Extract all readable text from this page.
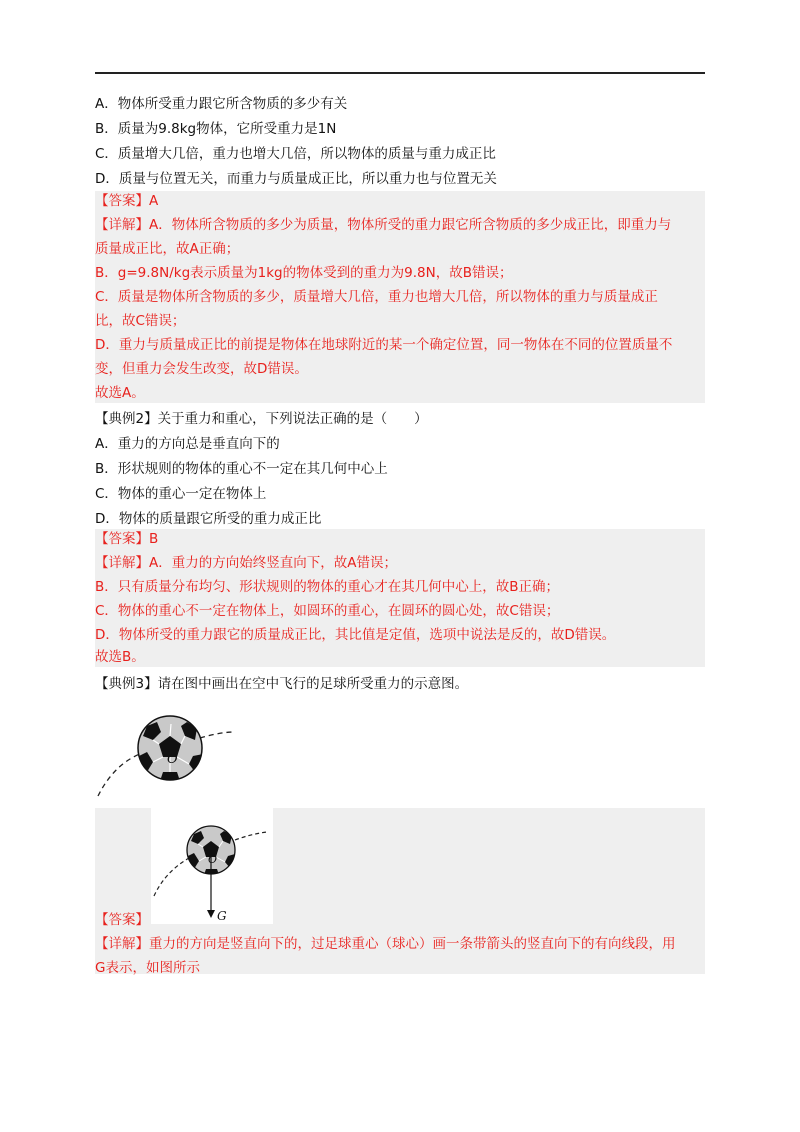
A．物体所受重力跟它所含物质的多少有关
B．质量为9.8kg物体，它所受重力是1N
C．质量增大几倍，重力也增大几倍，所以物体的质量与重力成正比
D．质量与位置无关，而重力与质量成正比，所以重力也与位置无关
【答案】A
【详解】A．物体所含物质的多少为质量，物体所受的重力跟它所含物质的多少成正比，即重力与
质量成正比，故A正确；
B．g=9.8N/kg表示质量为1kg的物体受到的重力为9.8N，故B错误；
C．质量是物体所含物质的多少，质量增大几倍，重力也增大几倍，所以物体的重力与质量成正
比，故C错误；
D．重力与质量成正比的前提是物体在地球附近的某一个确定位置，同一物体在不同的位置质量不
变，但重力会发生改变，故D错误。
故选A。
【典例2】关于重力和重心，下列说法正确的是（　　）
A．重力的方向总是垂直向下的
B．形状规则的物体的重心不一定在其几何中心上
C．物体的重心一定在物体上
D．物体的质量跟它所受的重力成正比
【答案】B
【详解】A．重力的方向始终竖直向下，故A错误；
B．只有质量分布均匀、形状规则的物体的重心才在其几何中心上，故B正确；
C．物体的重心不一定在物体上，如圆环的重心，在圆环的圆心处，故C错误；
D．物体所受的重力跟它的质量成正比，其比值是定值，选项中说法是反的，故D错误。
故选B。
【典例3】请在图中画出在空中飞行的足球所受重力的示意图。
O
O
G
【答案】
【详解】重力的方向是竖直向下的，过足球重心（球心）画一条带箭头的竖直向下的有向线段，用
G表示，如图所示
